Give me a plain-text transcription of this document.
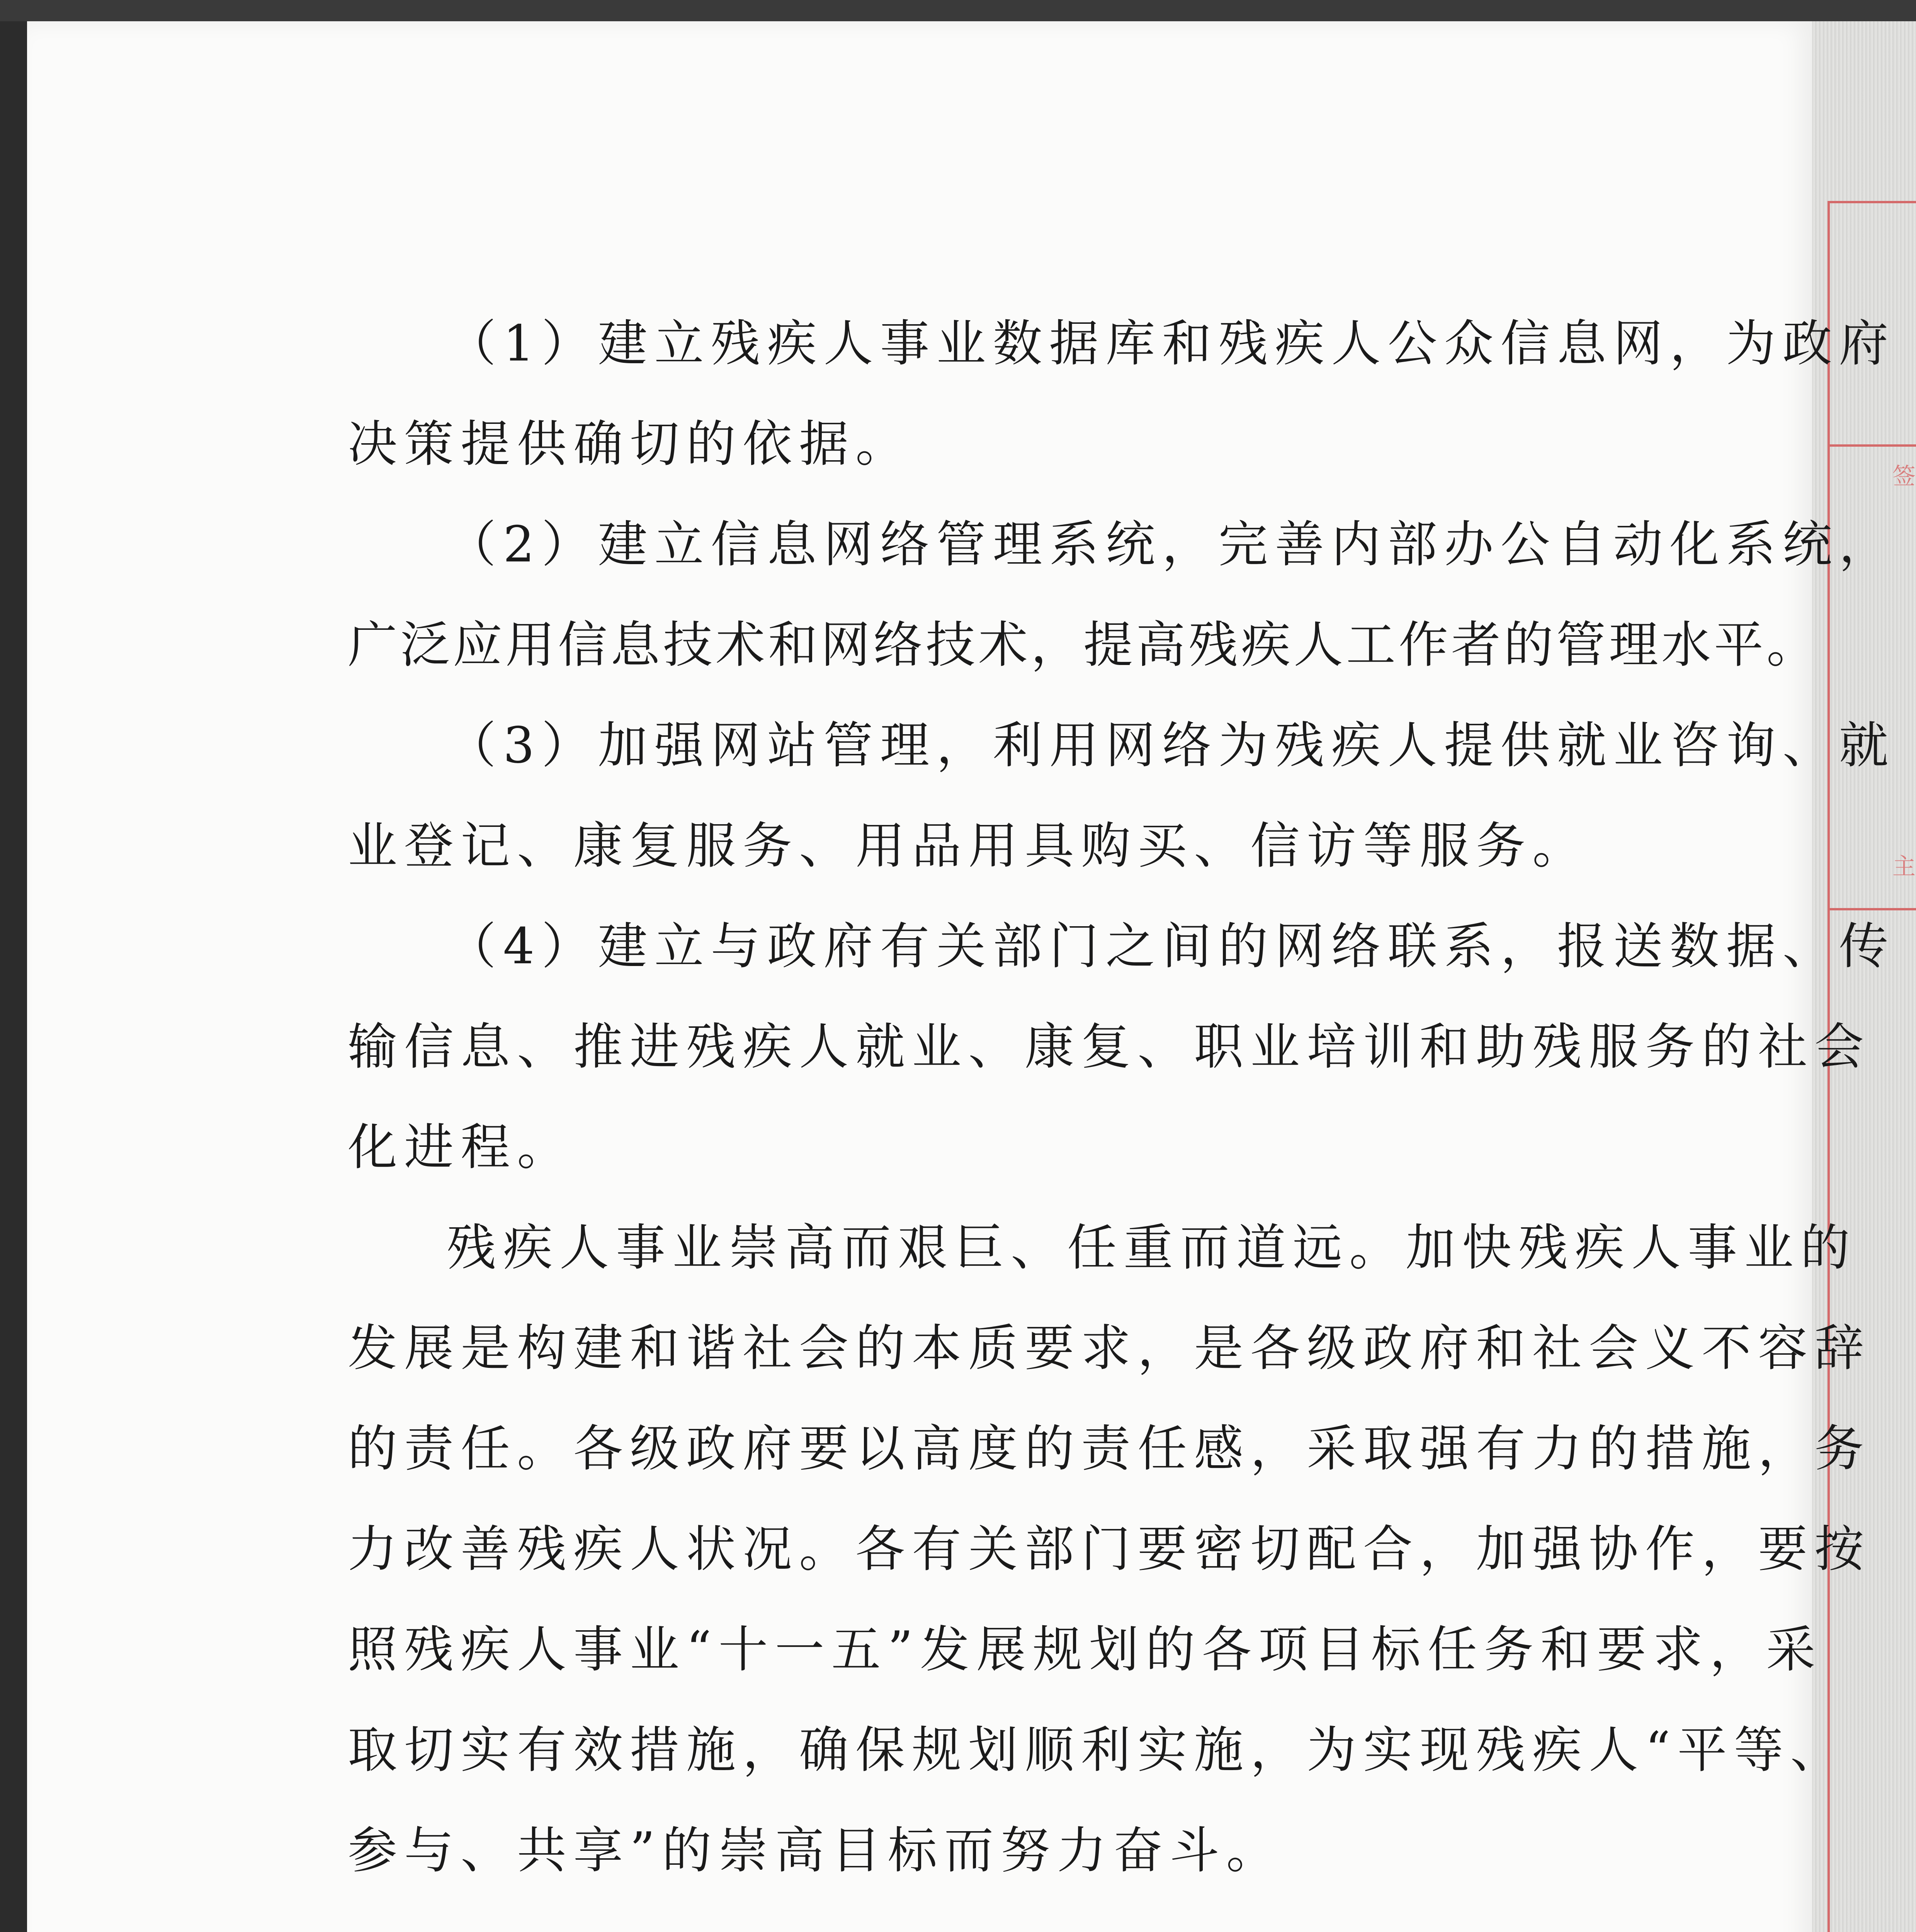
签
主
（1）建立残疾人事业数据库和残疾人公众信息网，为政府
决策提供确切的依据。
（2）建立信息网络管理系统，完善内部办公自动化系统，
广泛应用信息技术和网络技术，提高残疾人工作者的管理水平。
（3）加强网站管理，利用网络为残疾人提供就业咨询、就
业登记、康复服务、用品用具购买、信访等服务。
（4）建立与政府有关部门之间的网络联系，报送数据、传
输信息、推进残疾人就业、康复、职业培训和助残服务的社会
化进程。
残疾人事业崇高而艰巨、任重而道远。加快残疾人事业的
发展是构建和谐社会的本质要求，是各级政府和社会义不容辞
的责任。各级政府要以高度的责任感，采取强有力的措施，务
力改善残疾人状况。各有关部门要密切配合，加强协作，要按
照残疾人事业“十一五”发展规划的各项目标任务和要求，采
取切实有效措施，确保规划顺利实施，为实现残疾人“平等、
参与、共享”的崇高目标而努力奋斗。
